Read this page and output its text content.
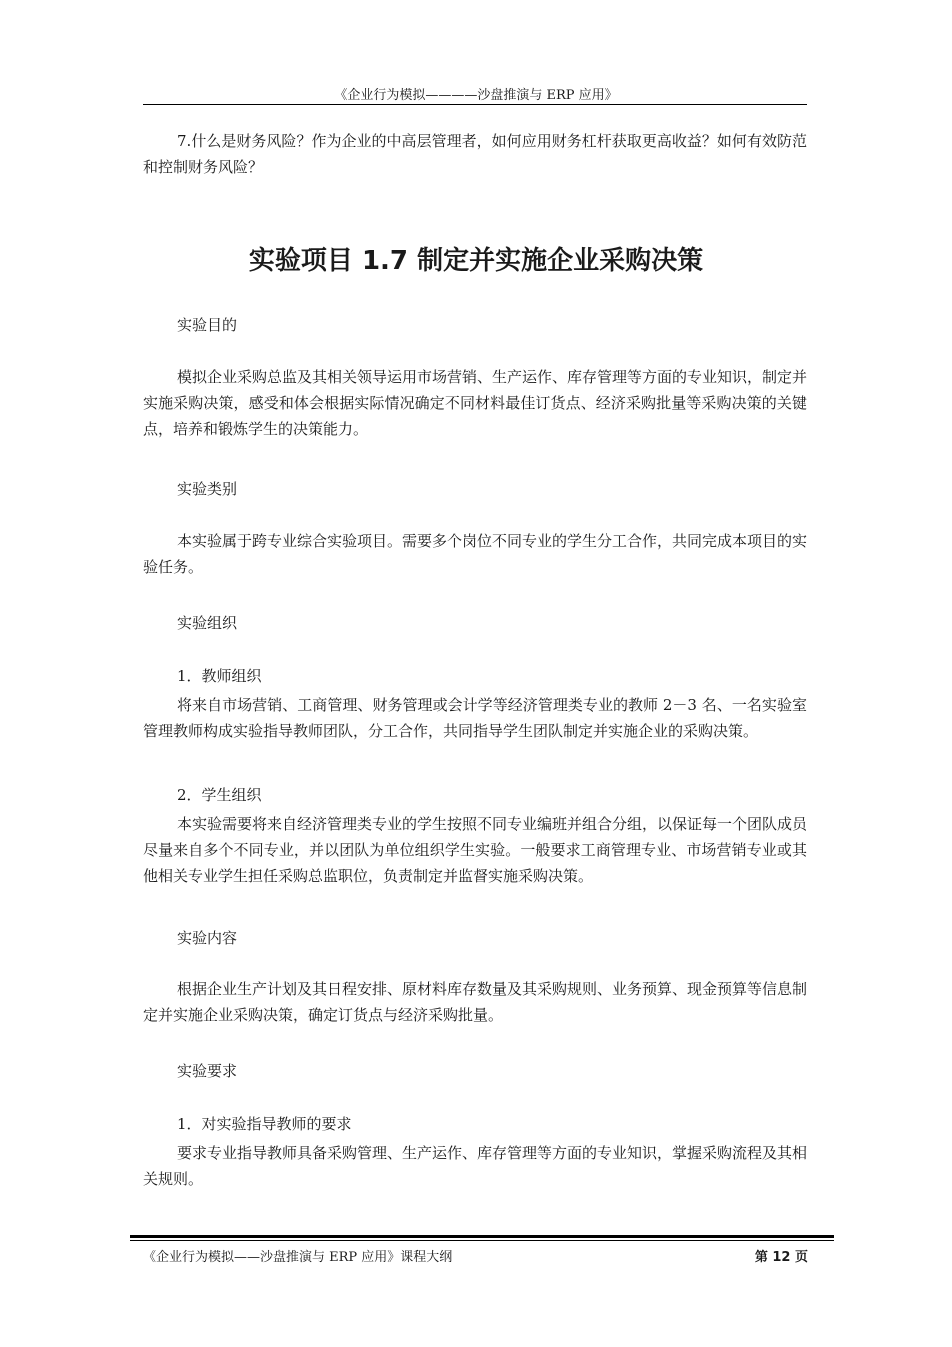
《企业行为模拟————沙盘推演与 ERP 应用》

7.什么是财务风险？作为企业的中高层管理者，如何应用财务杠杆获取更高收益？如何有效防范和控制财务风险？

实验项目 1.7 制定并实施企业采购决策
实验目的

模拟企业采购总监及其相关领导运用市场营销、生产运作、库存管理等方面的专业知识，制定并实施采购决策，感受和体会根据实际情况确定不同材料最佳订货点、经济采购批量等采购决策的关键点，培养和锻炼学生的决策能力。

实验类别

本实验属于跨专业综合实验项目。需要多个岗位不同专业的学生分工合作，共同完成本项目的实验任务。

实验组织
1．教师组织

将来自市场营销、工商管理、财务管理或会计学等经济管理类专业的教师 2－3 名、一名实验室管理教师构成实验指导教师团队，分工合作，共同指导学生团队制定并实施企业的采购决策。

2．学生组织

本实验需要将来自经济管理类专业的学生按照不同专业编班并组合分组，以保证每一个团队成员尽量来自多个不同专业，并以团队为单位组织学生实验。一般要求工商管理专业、市场营销专业或其他相关专业学生担任采购总监职位，负责制定并监督实施采购决策。

实验内容

根据企业生产计划及其日程安排、原材料库存数量及其采购规则、业务预算、现金预算等信息制定并实施企业采购决策，确定订货点与经济采购批量。

实验要求
1．对实验指导教师的要求

要求专业指导教师具备采购管理、生产运作、库存管理等方面的专业知识，掌握采购流程及其相关规则。

《企业行为模拟——沙盘推演与 ERP 应用》课程大纲	第 12 页
